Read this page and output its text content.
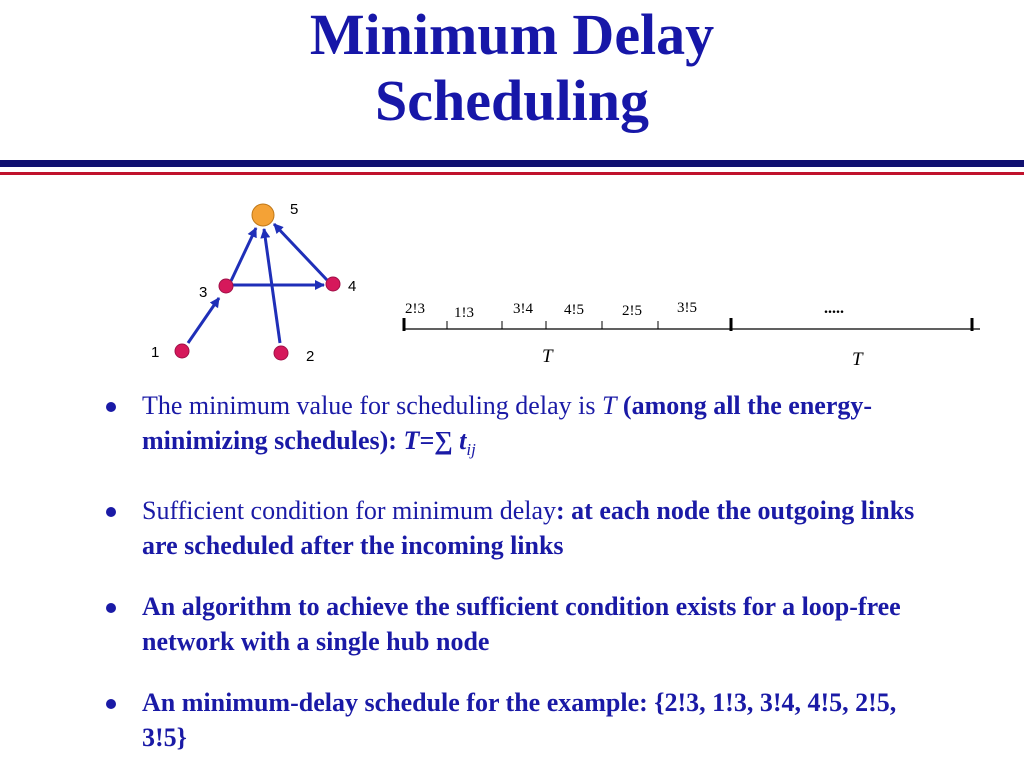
Minimum Delay
Scheduling
1	2
3	4
5
2!3 1!3	3!4 4!5	2!5 3!5	.....
T	T
The minimum value for scheduling delay is T (among all the energy-minimizing schedules): T=∑ $t_{ij}$
Sufficient condition for minimum delay: at each node the outgoing links are scheduled after the incoming links
An algorithm to achieve the sufficient condition exists for a loop-free network with a single hub node
An minimum-delay schedule for the example: {2!3, 1!3, 3!4, 4!5, 2!5, 3!5}
